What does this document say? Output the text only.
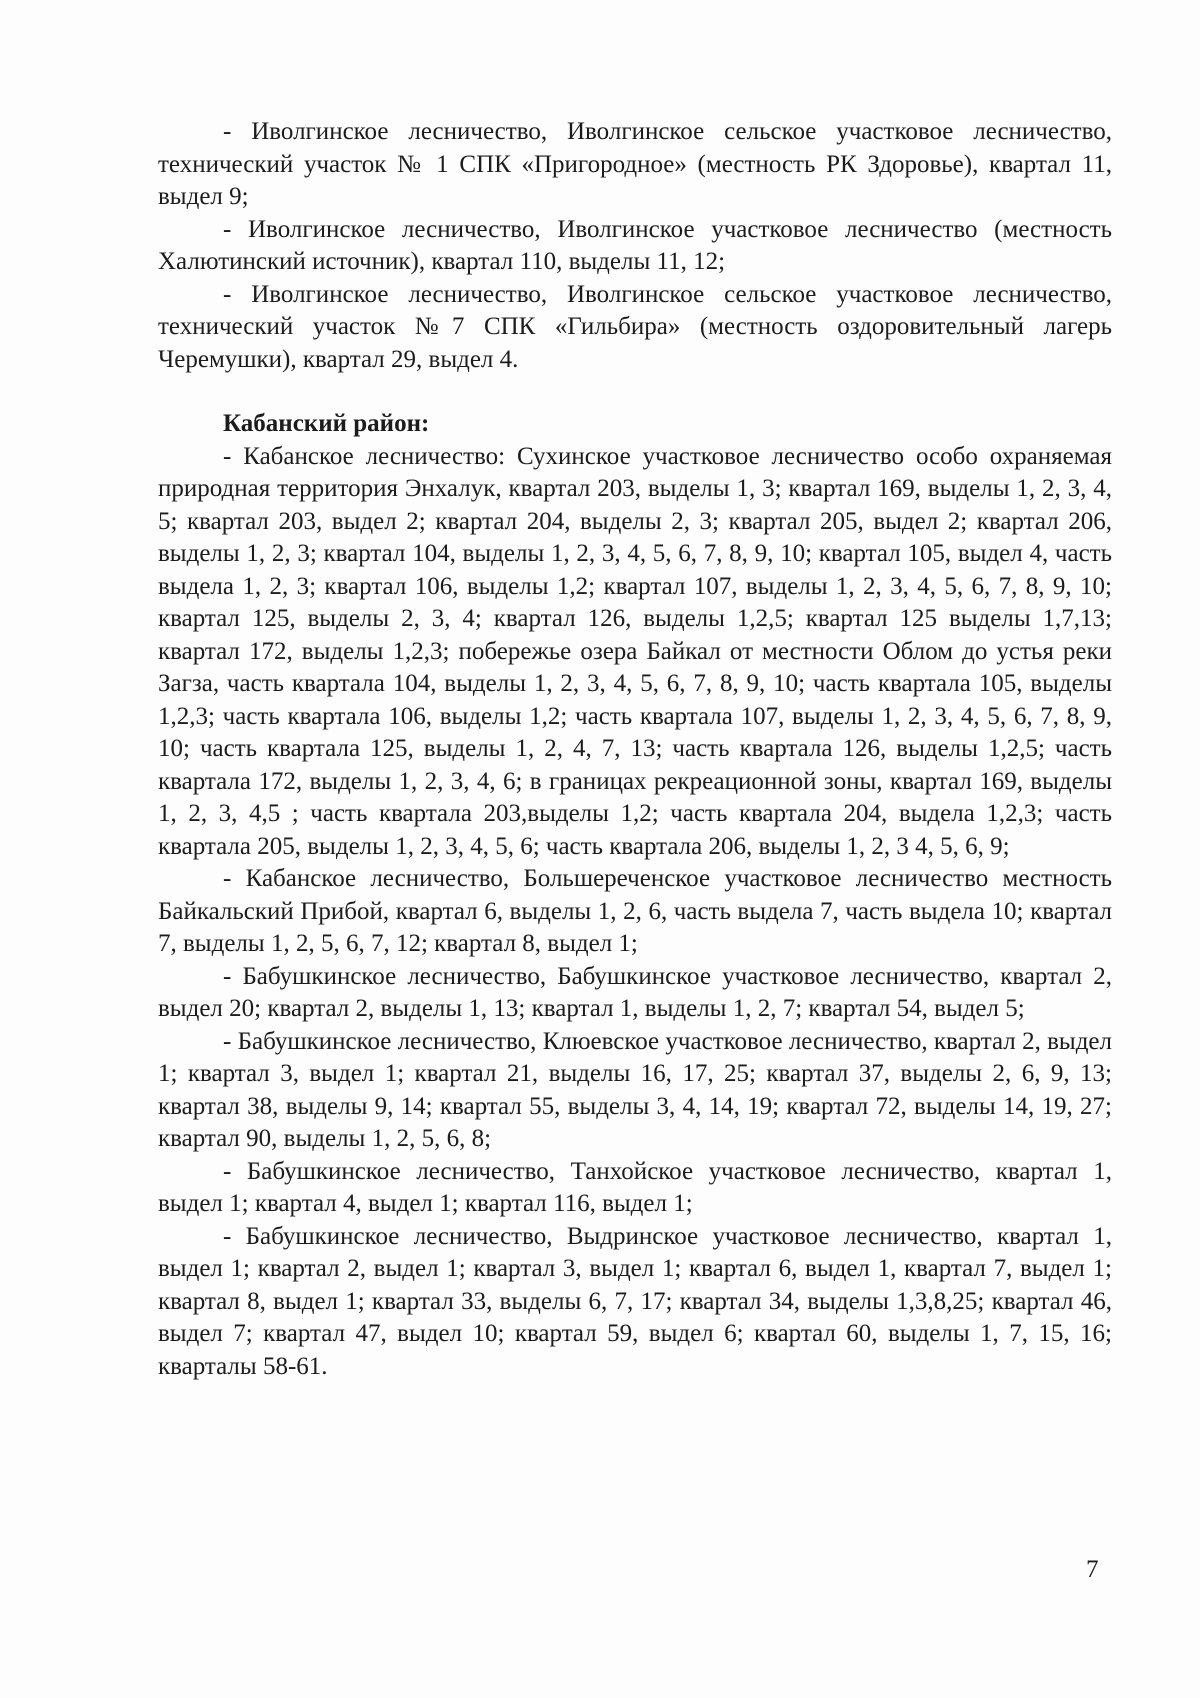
- Иволгинское лесничество, Иволгинское сельское участковое лесничество, технический участок № 1 СПК «Пригородное» (местность РК Здоровье), квартал 11, выдел 9;

- Иволгинское лесничество, Иволгинское участковое лесничество (местность Халютинский источник), квартал 110, выделы 11, 12;

- Иволгинское лесничество, Иволгинское сельское участковое лесничество, технический участок №7 СПК «Гильбира» (местность оздоровительный лагерь Черемушки), квартал 29, выдел 4.

Кабанский район:

- Кабанское лесничество: Сухинское участковое лесничество особо охраняемая природная территория Энхалук, квартал 203, выделы 1, 3; квартал 169, выделы 1, 2, 3, 4, 5; квартал 203, выдел 2; квартал 204, выделы 2, 3; квартал 205, выдел 2; квартал 206, выделы 1, 2, 3; квартал 104, выделы 1, 2, 3, 4, 5, 6, 7, 8, 9, 10; квартал 105, выдел 4, часть выдела 1, 2, 3; квартал 106, выделы 1,2; квартал 107, выделы 1, 2, 3, 4, 5, 6, 7, 8, 9, 10; квартал 125, выделы 2, 3, 4; квартал 126, выделы 1,2,5; квартал 125 выделы 1,7,13; квартал 172, выделы 1,2,3; побережье озера Байкал от местности Облом до устья реки Загза, часть квартала 104, выделы 1, 2, 3, 4, 5, 6, 7, 8, 9, 10; часть квартала 105, выделы 1,2,3; часть квартала 106, выделы 1,2; часть квартала 107, выделы 1, 2, 3, 4, 5, 6, 7, 8, 9, 10; часть квартала 125, выделы 1, 2, 4, 7, 13; часть квартала 126, выделы 1,2,5; часть квартала 172, выделы 1, 2, 3, 4, 6; в границах рекреационной зоны, квартал 169, выделы 1, 2, 3, 4,5 ; часть квартала 203,выделы 1,2; часть квартала 204, выдела 1,2,3; часть квартала 205, выделы 1, 2, 3, 4, 5, 6; часть квартала 206, выделы 1, 2, 3 4, 5, 6, 9;

- Кабанское лесничество, Большереченское участковое лесничество местность Байкальский Прибой, квартал 6, выделы 1, 2, 6, часть выдела 7, часть выдела 10; квартал 7, выделы 1, 2, 5, 6, 7, 12; квартал 8, выдел 1;

- Бабушкинское лесничество, Бабушкинское участковое лесничество, квартал 2, выдел 20; квартал 2, выделы 1, 13; квартал 1, выделы 1, 2, 7; квартал 54, выдел 5;

- Бабушкинское лесничество, Клюевское участковое лесничество, квартал 2, выдел 1; квартал 3, выдел 1; квартал 21, выделы 16, 17, 25; квартал 37, выделы 2, 6, 9, 13; квартал 38, выделы 9, 14; квартал 55, выделы 3, 4, 14, 19; квартал 72, выделы 14, 19, 27; квартал 90, выделы 1, 2, 5, 6, 8;

- Бабушкинское лесничество, Танхойское участковое лесничество, квартал 1, выдел 1; квартал 4, выдел 1; квартал 116, выдел 1;

- Бабушкинское лесничество, Выдринское участковое лесничество, квартал 1, выдел 1; квартал 2, выдел 1; квартал 3, выдел 1; квартал 6, выдел 1, квартал 7, выдел 1; квартал 8, выдел 1; квартал 33, выделы 6, 7, 17; квартал 34, выделы 1,3,8,25; квартал 46, выдел 7; квартал 47, выдел 10; квартал 59, выдел 6; квартал 60, выделы 1, 7, 15, 16; кварталы 58-61.

7
